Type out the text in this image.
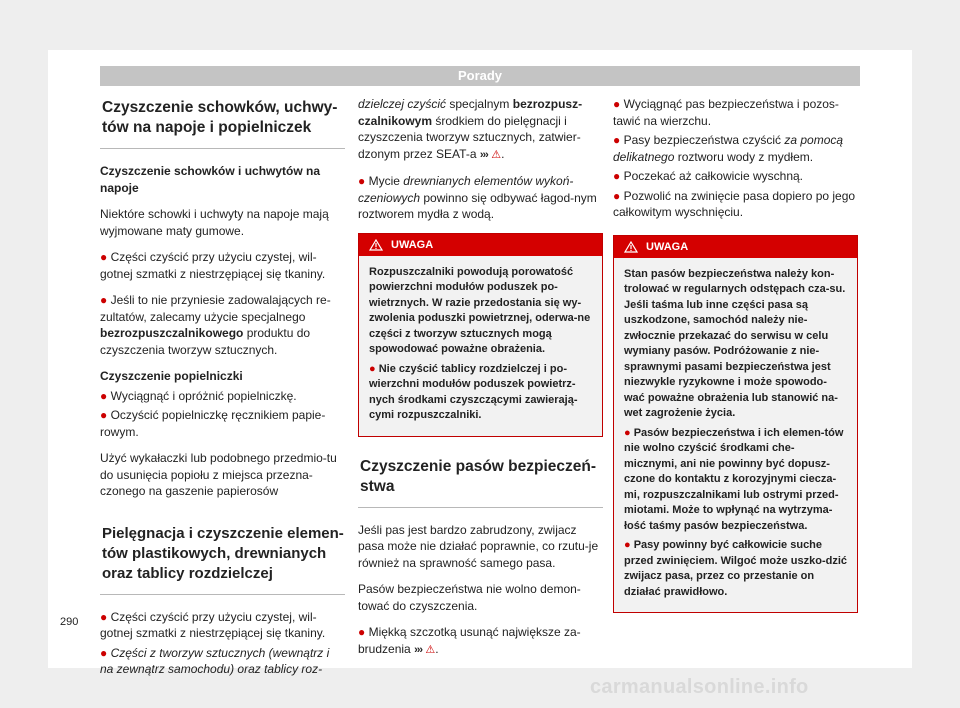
Porady
Czyszczenie schowków, uchwy-
tów na napoje i popielniczek

Czyszczenie schowków i uchwytów na napoje

Niektóre schowki i uchwyty na napoje mają wyjmowane maty gumowe.

● Części czyścić przy użyciu czystej, wil-gotnej szmatki z niestrzępiącej się tkaniny.

● Jeśli to nie przyniesie zadowalających re-zultatów, zalecamy użycie specjalnego bezrozpuszczalnikowego produktu do czyszczenia tworzyw sztucznych.

Czyszczenie popielniczki

● Wyciągnąć i opróżnić popielniczkę.

● Oczyścić popielniczkę ręcznikiem papie-rowym.

Użyć wykałaczki lub podobnego przedmio-tu do usunięcia popiołu z miejsca przezna-czonego na gaszenie papierosów

Pielęgnacja i czyszczenie elemen-
tów plastikowych, drewnianych
oraz tablicy rozdzielczej

● Części czyścić przy użyciu czystej, wil-gotnej szmatki z niestrzępiącej się tkaniny.

● Części z tworzyw sztucznych (wewnątrz i na zewnątrz samochodu) oraz tablicy roz-

dzielczej czyścić specjalnym bezrozpusz-czalnikowym środkiem do pielęgnacji i czyszczenia tworzyw sztucznych, zatwier-dzonym przez SEAT-a ››› ⚠.

● Mycie drewnianych elementów wykoń-czeniowych powinno się odbywać łagod-nym roztworem mydła z wodą.

UWAGA

Rozpuszczalniki powodują porowatość powierzchni modułów poduszek po-wietrznych. W razie przedostania się wy-zwolenia poduszki powietrznej, oderwa-ne części z tworzyw sztucznych mogą spowodować poważne obrażenia.

● Nie czyścić tablicy rozdzielczej i po-wierzchni modułów poduszek powietrz-nych środkami czyszczącymi zawierają-cymi rozpuszczalniki.

Czyszczenie pasów bezpieczeń-
stwa

Jeśli pas jest bardzo zabrudzony, zwijacz pasa może nie działać poprawnie, co rzutu-je również na sprawność samego pasa.

Pasów bezpieczeństwa nie wolno demon-tować do czyszczenia.

● Miękką szczotką usunąć największe za-brudzenia ››› ⚠.

● Wyciągnąć pas bezpieczeństwa i pozos-tawić na wierzchu.

● Pasy bezpieczeństwa czyścić za pomocą delikatnego roztworu wody z mydłem.

● Poczekać aż całkowicie wyschną.

● Pozwolić na zwinięcie pasa dopiero po jego całkowitym wyschnięciu.

UWAGA

Stan pasów bezpieczeństwa należy kon-trolować w regularnych odstępach cza-su. Jeśli taśma lub inne części pasa są uszkodzone, samochód należy nie-zwłocznie przekazać do serwisu w celu wymiany pasów. Podróżowanie z nie-sprawnymi pasami bezpieczeństwa jest niezwykle ryzykowne i może spowodo-wać poważne obrażenia lub stanowić na-wet zagrożenie życia.

● Pasów bezpieczeństwa i ich elemen-tów nie wolno czyścić środkami che-micznymi, ani nie powinny być dopusz-czone do kontaktu z korozyjnymi ciecza-mi, rozpuszczalnikami lub ostrymi przed-miotami. Może to wpłynąć na wytrzyma-łość taśmy pasów bezpieczeństwa.

● Pasy powinny być całkowicie suche przed zwinięciem. Wilgoć może uszko-dzić zwijacz pasa, przez co przestanie on działać prawidłowo.

290
carmanualsonline.info
